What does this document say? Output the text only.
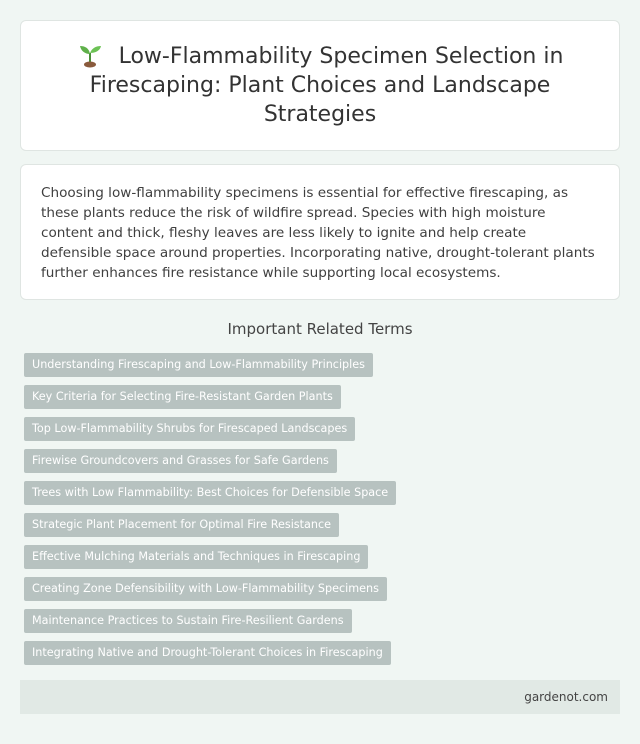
Low-Flammability Specimen Selection in Firescaping: Plant Choices and Landscape Strategies

Choosing low-flammability specimens is essential for effective firescaping, as these plants reduce the risk of wildfire spread. Species with high moisture content and thick, fleshy leaves are less likely to ignite and help create defensible space around properties. Incorporating native, drought-tolerant plants further enhances fire resistance while supporting local ecosystems.

Important Related Terms
Understanding Firescaping and Low-Flammability Principles
Key Criteria for Selecting Fire-Resistant Garden Plants
Top Low-Flammability Shrubs for Firescaped Landscapes
Firewise Groundcovers and Grasses for Safe Gardens
Trees with Low Flammability: Best Choices for Defensible Space
Strategic Plant Placement for Optimal Fire Resistance
Effective Mulching Materials and Techniques in Firescaping
Creating Zone Defensibility with Low-Flammability Specimens
Maintenance Practices to Sustain Fire-Resilient Gardens
Integrating Native and Drought-Tolerant Choices in Firescaping
gardenot.com
